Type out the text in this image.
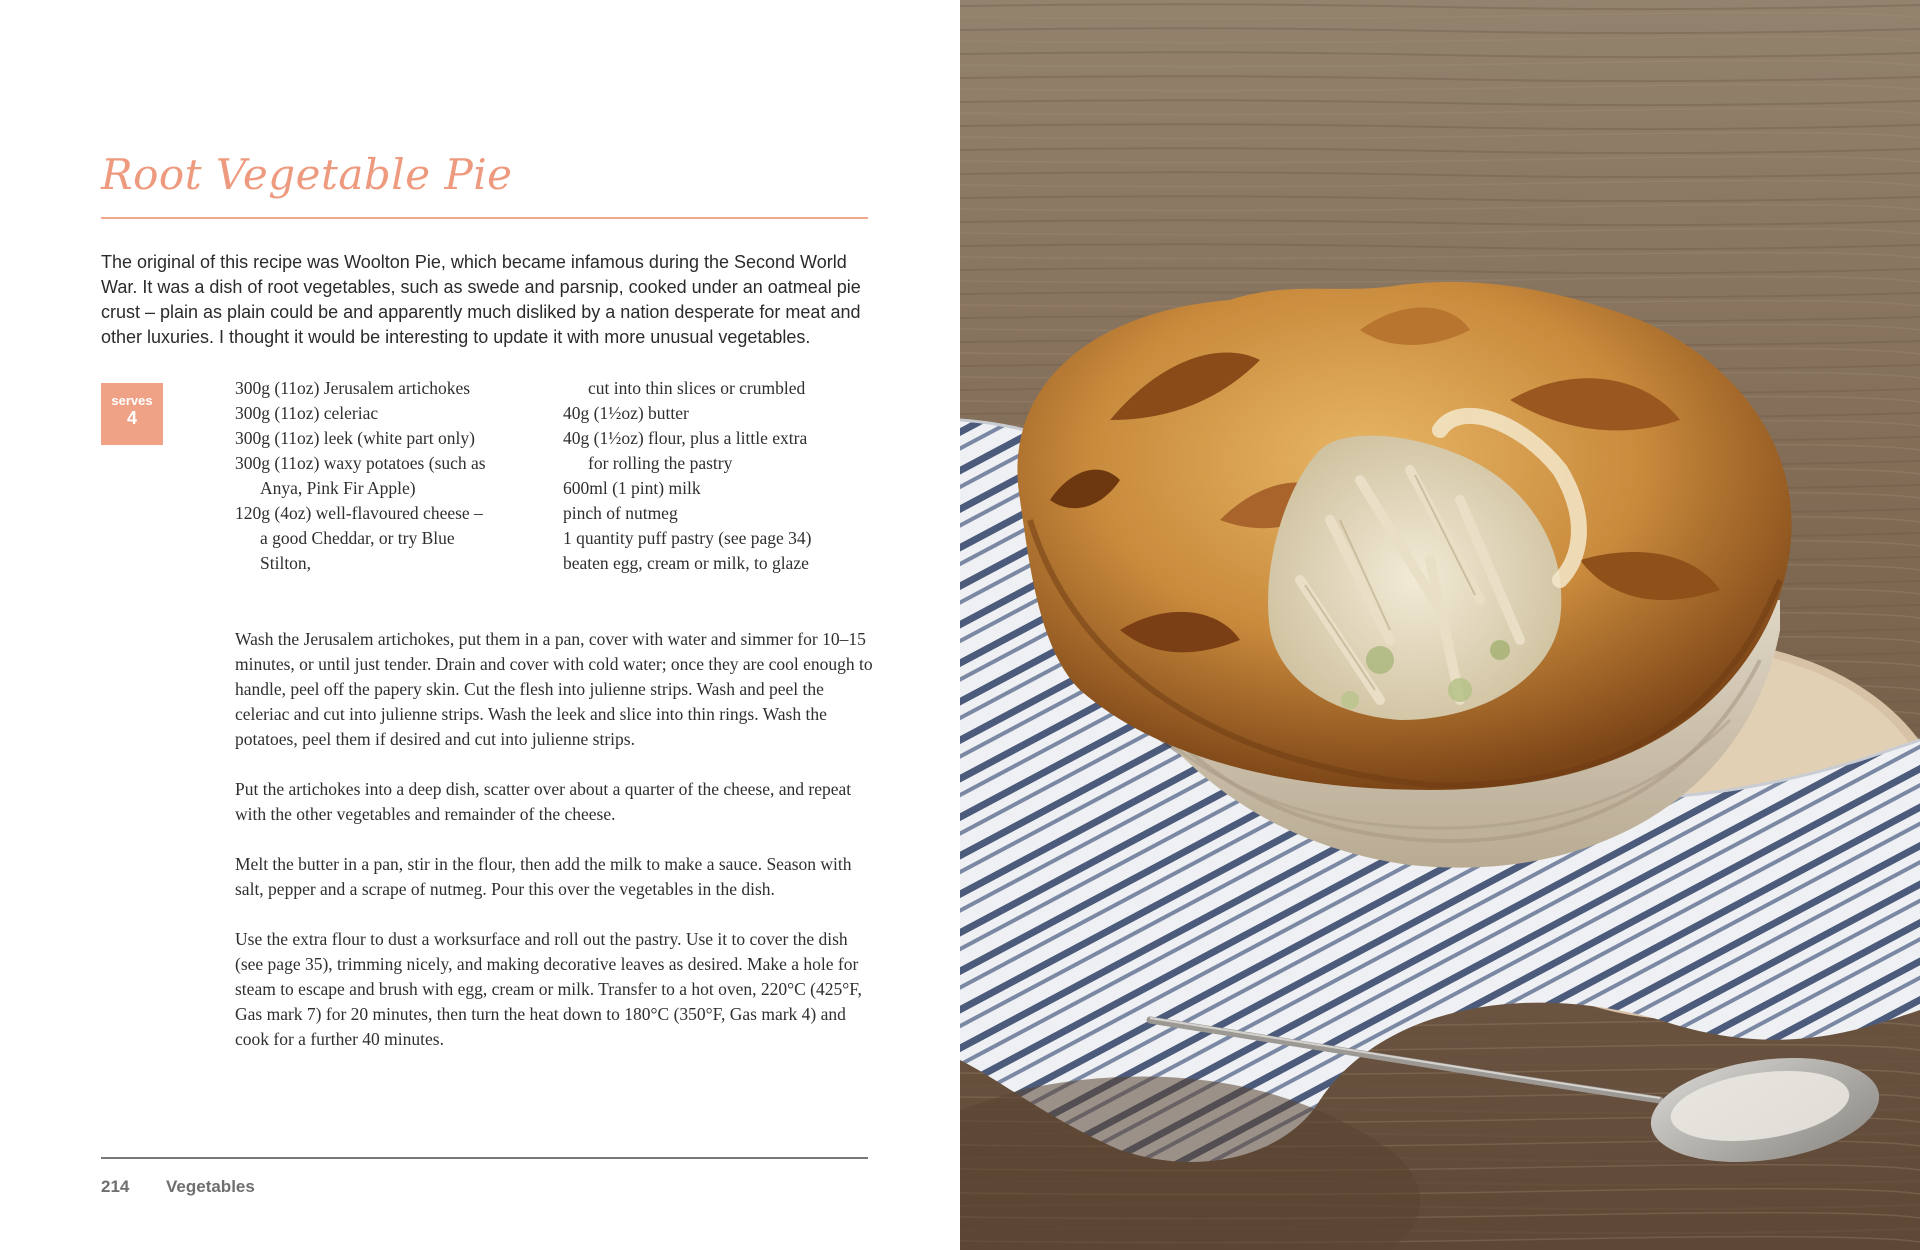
Root Vegetable Pie

The original of this recipe was Woolton Pie, which became infamous during the Second World War. It was a dish of root vegetables, such as swede and parsnip, cooked under an oatmeal pie crust – plain as plain could be and apparently much disliked by a nation desperate for meat and other luxuries. I thought it would be interesting to update it with more unusual vegetables.

serves
4
300g (11oz) Jerusalem artichokes
300g (11oz) celeriac
300g (11oz) leek (white part only)
300g (11oz) waxy potatoes (such as
Anya, Pink Fir Apple)
120g (4oz) well-flavoured cheese –
a good Cheddar, or try Blue
Stilton,
cut into thin slices or crumbled
40g (1½oz) butter
40g (1½oz) flour, plus a little extra
for rolling the pastry
600ml (1 pint) milk
pinch of nutmeg
1 quantity puff pastry (see page 34)
beaten egg, cream or milk, to glaze

Wash the Jerusalem artichokes, put them in a pan, cover with water and simmer for 10–15 minutes, or until just tender. Drain and cover with cold water; once they are cool enough to handle, peel off the papery skin. Cut the flesh into julienne strips. Wash and peel the celeriac and cut into julienne strips. Wash the leek and slice into thin rings. Wash the potatoes, peel them if desired and cut into julienne strips.

Put the artichokes into a deep dish, scatter over about a quarter of the cheese, and repeat with the other vegetables and remainder of the cheese.

Melt the butter in a pan, stir in the flour, then add the milk to make a sauce. Season with salt, pepper and a scrape of nutmeg. Pour this over the vegetables in the dish.

Use the extra flour to dust a worksurface and roll out the pastry. Use it to cover the dish (see page 35), trimming nicely, and making decorative leaves as desired. Make a hole for steam to escape and brush with egg, cream or milk. Transfer to a hot oven, 220°C (425°F, Gas mark 7) for 20 minutes, then turn the heat down to 180°C (350°F, Gas mark 4) and cook for a further 40 minutes.

214 Vegetables
